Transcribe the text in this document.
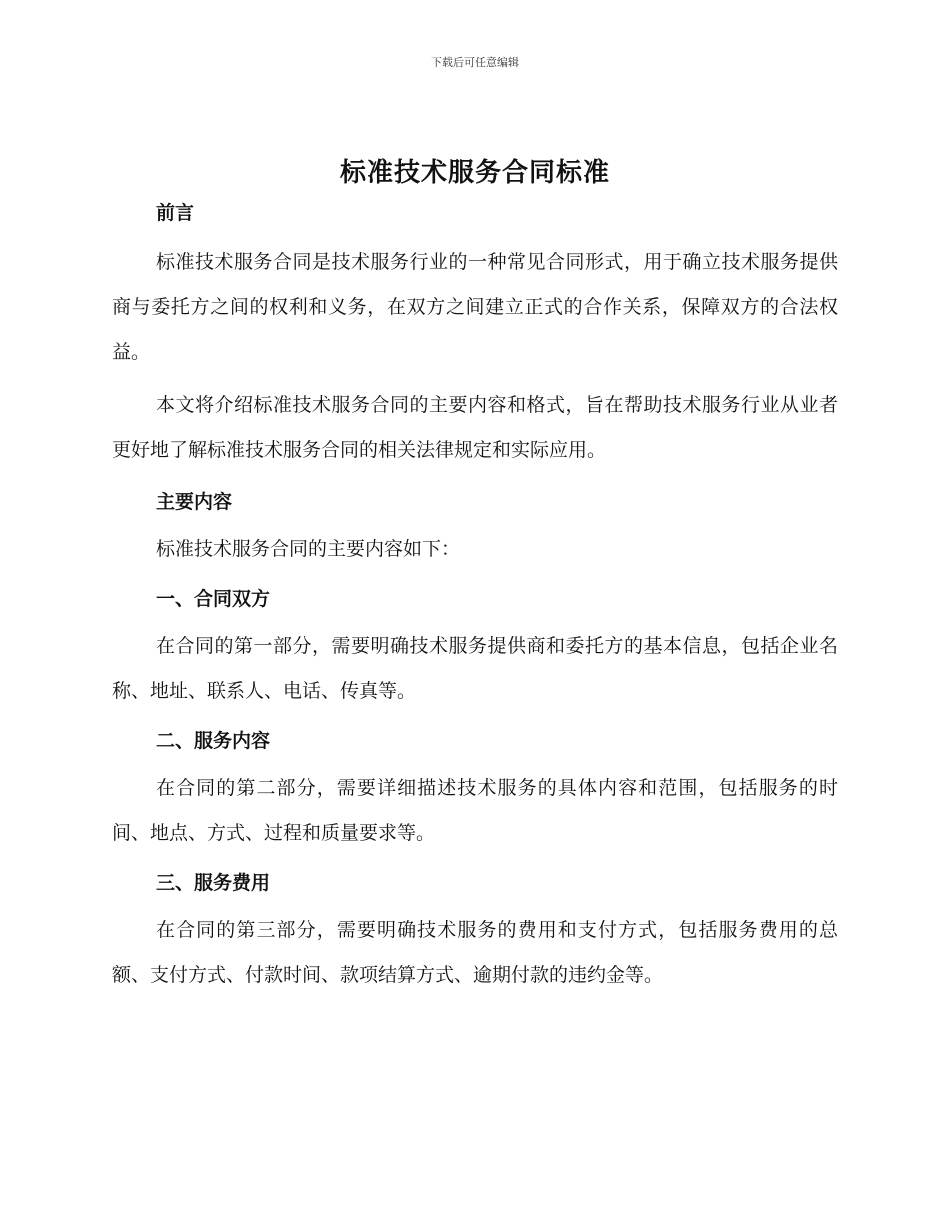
下载后可任意编辑
标准技术服务合同标准

前言

标准技术服务合同是技术服务行业的一种常见合同形式，用于确立技术服务提供商与委托方之间的权利和义务，在双方之间建立正式的合作关系，保障双方的合法权益。

本文将介绍标准技术服务合同的主要内容和格式，旨在帮助技术服务行业从业者更好地了解标准技术服务合同的相关法律规定和实际应用。

主要内容

标准技术服务合同的主要内容如下：

一、合同双方

在合同的第一部分，需要明确技术服务提供商和委托方的基本信息，包括企业名称、地址、联系人、电话、传真等。

二、服务内容

在合同的第二部分，需要详细描述技术服务的具体内容和范围，包括服务的时间、地点、方式、过程和质量要求等。

三、服务费用

在合同的第三部分，需要明确技术服务的费用和支付方式，包括服务费用的总额、支付方式、付款时间、款项结算方式、逾期付款的违约金等。
